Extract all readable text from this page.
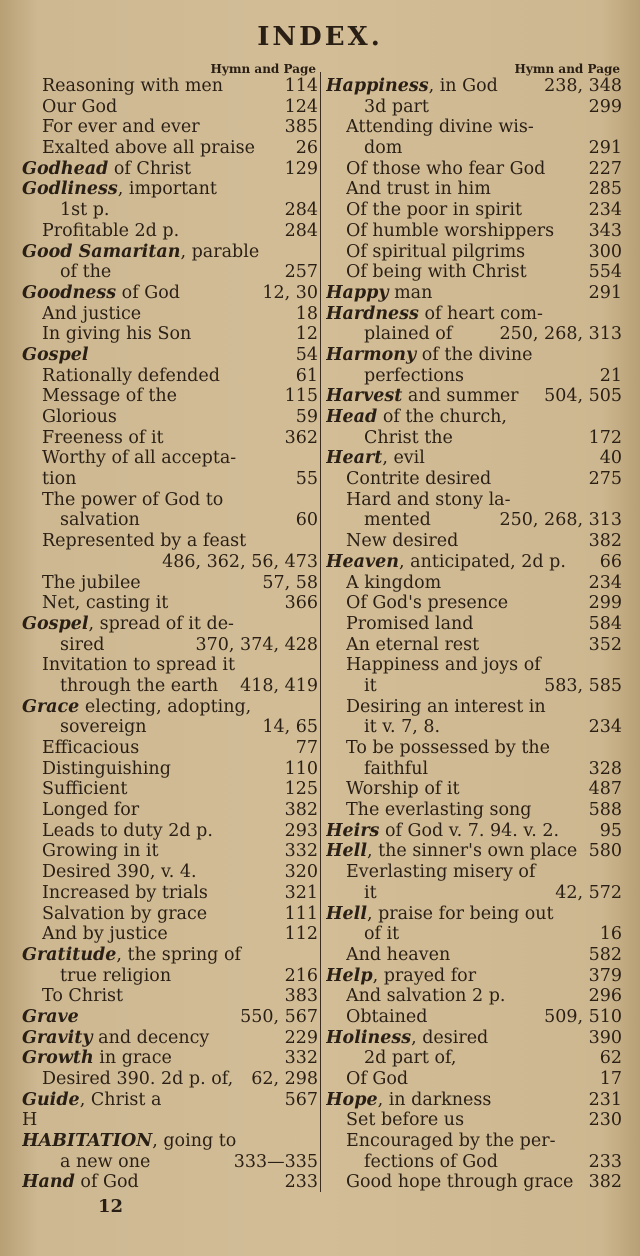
INDEX.
Hymn and Page
Reasoning with men	114
Our God	124
For ever and ever	385
Exalted above all praise	26
Godhead of Christ	129
Godliness, important
1st p.	284
Profitable 2d p.	284
Good Samaritan, parable
of the	257
Goodness of God	12, 30
And justice	18
In giving his Son	12
Gospel	54
Rationally defended	61
Message of the	115
Glorious	59
Freeness of it	362
Worthy of all accepta-
tion	55
The power of God to
salvation	60
Represented by a feast
486, 362, 56, 473
The jubilee	57, 58
Net, casting it	366
Gospel, spread of it de-
sired	370, 374, 428
Invitation to spread it
through the earth	418, 419
Grace electing, adopting,
sovereign	14, 65
Efficacious	77
Distinguishing	110
Sufficient	125
Longed for	382
Leads to duty 2d p.	293
Growing in it	332
Desired 390, v. 4.	320
Increased by trials	321
Salvation by grace	111
And by justice	112
Gratitude, the spring of
true religion	216
To Christ	383
Grave	550, 567
Gravity and decency	229
Growth in grace	332
Desired 390. 2d p. of,	62, 298
Guide, Christ a	567
H
HABITATION, going to
a new one	333—335
Hand of God	233
Hymn and Page
Happiness, in God	238, 348
3d part	299
Attending divine wis-
dom	291
Of those who fear God	227
And trust in him	285
Of the poor in spirit	234
Of humble worshippers	343
Of spiritual pilgrims	300
Of being with Christ	554
Happy man	291
Hardness of heart com-
plained of	250, 268, 313
Harmony of the divine
perfections	21
Harvest and summer	504, 505
Head of the church,
Christ the	172
Heart, evil	40
Contrite desired	275
Hard and stony la-
mented	250, 268, 313
New desired	382
Heaven, anticipated, 2d p.	66
A kingdom	234
Of God's presence	299
Promised land	584
An eternal rest	352
Happiness and joys of
it	583, 585
Desiring an interest in
it v. 7, 8.	234
To be possessed by the
faithful	328
Worship of it	487
The everlasting song	588
Heirs of God v. 7. 94. v. 2.	95
Hell, the sinner's own place 580
Everlasting misery of
it	42, 572
Hell, praise for being out
of it	16
And heaven	582
Help, prayed for	379
And salvation 2 p.	296
Obtained	509, 510
Holiness, desired	390
2d part of,	62
Of God	17
Hope, in darkness	231
Set before us	230
Encouraged by the per-
fections of God	233
Good hope through grace 382
12
